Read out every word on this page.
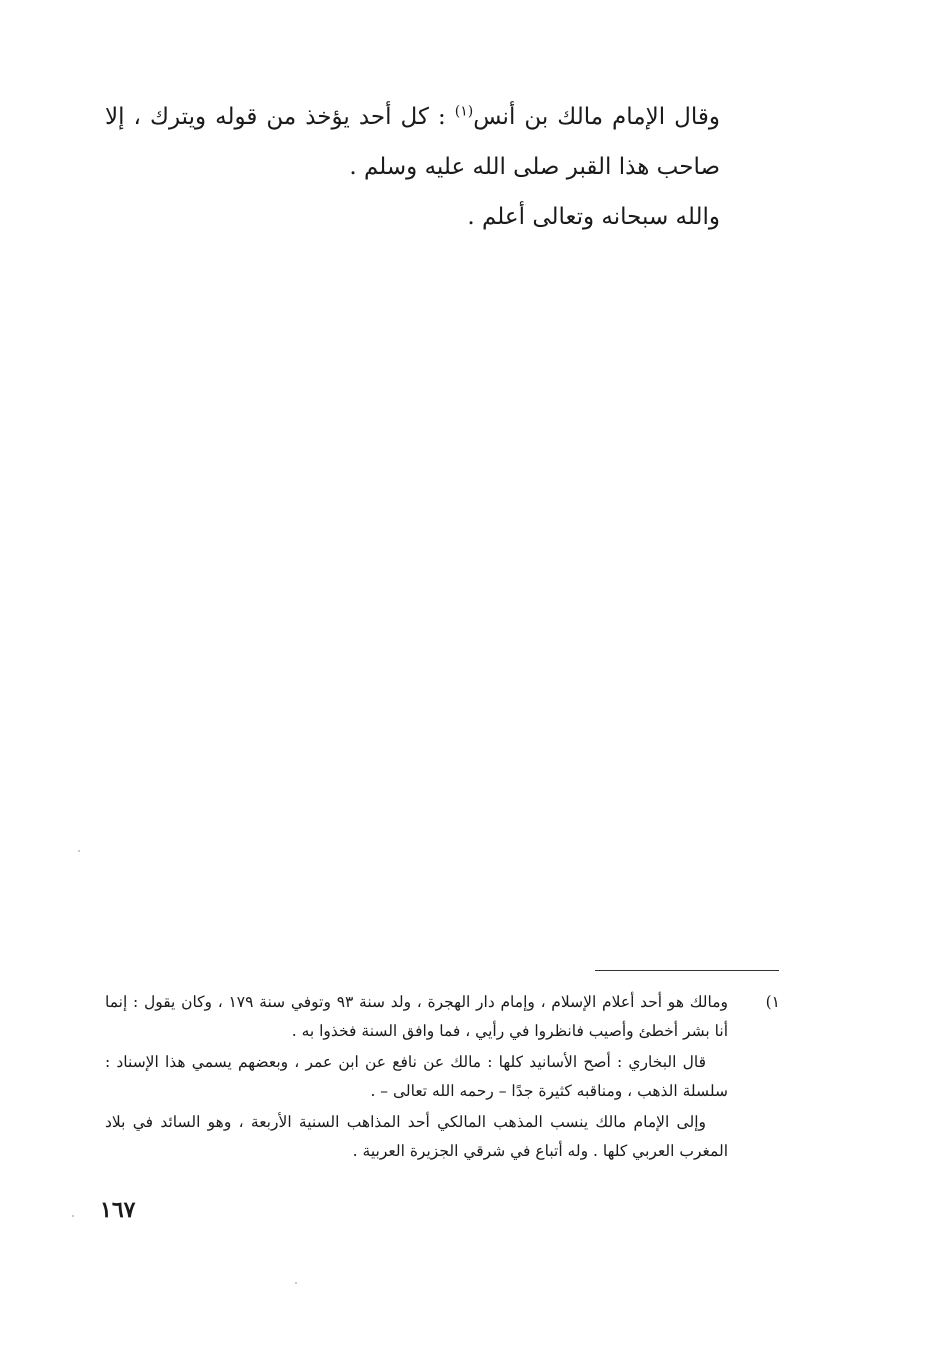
وقال الإمام مالك بن أنس$^{(١)}$ : كل أحد يؤخذ من قوله ويترك ، إلا صاحب هذا القبر صلى الله عليه وسلم .

والله سبحانه وتعالى أعلم .

١)
ومالك هو أحد أعلام الإسلام ، وإمام دار الهجرة ، ولد سنة ٩٣ وتوفي سنة ١٧٩ ، وكان يقول : إنما أنا بشر أخطئ وأصيب فانظروا في رأيي ، فما وافق السنة فخذوا به .

قال البخاري : أصح الأسانيد كلها : مالك عن نافع عن ابن عمر ، وبعضهم يسمي هذا الإسناد : سلسلة الذهب ، ومناقبه كثيرة جدًا – رحمه الله تعالى – .

وإلى الإمام مالك ينسب المذهب المالكي أحد المذاهب السنية الأربعة ، وهو السائد في بلاد المغرب العربي كلها . وله أتباع في شرقي الجزيرة العربية .

١٦٧
